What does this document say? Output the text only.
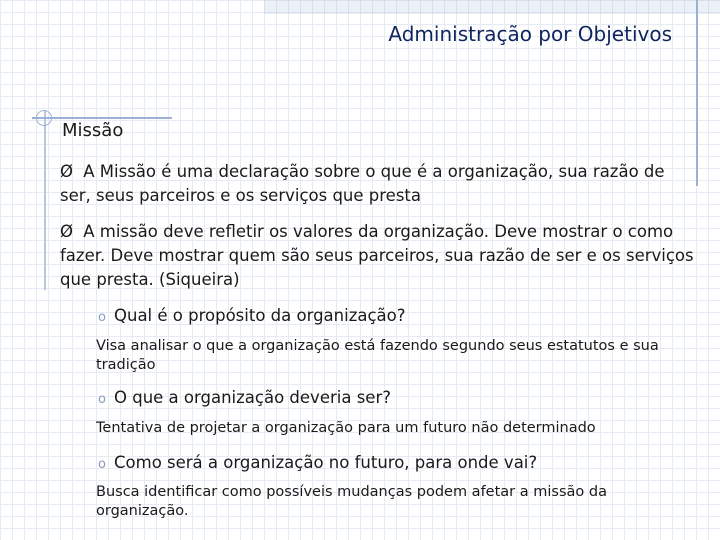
Administração por Objetivos
Missão
Ø A Missão é uma declaração sobre o que é a organização, sua razão de ser, seus parceiros e os serviços que presta
Ø A missão deve refletir os valores da organização. Deve mostrar o como fazer. Deve mostrar quem são seus parceiros, sua razão de ser e os serviços que presta. (Siqueira)
o Qual é o propósito da organização?
Visa analisar o que a organização está fazendo segundo seus estatutos e sua tradição
o O que a organização deveria ser?
Tentativa de projetar a organização para um futuro não determinado
o Como será a organização no futuro, para onde vai?
Busca identificar como possíveis mudanças podem afetar a missão da organização.
